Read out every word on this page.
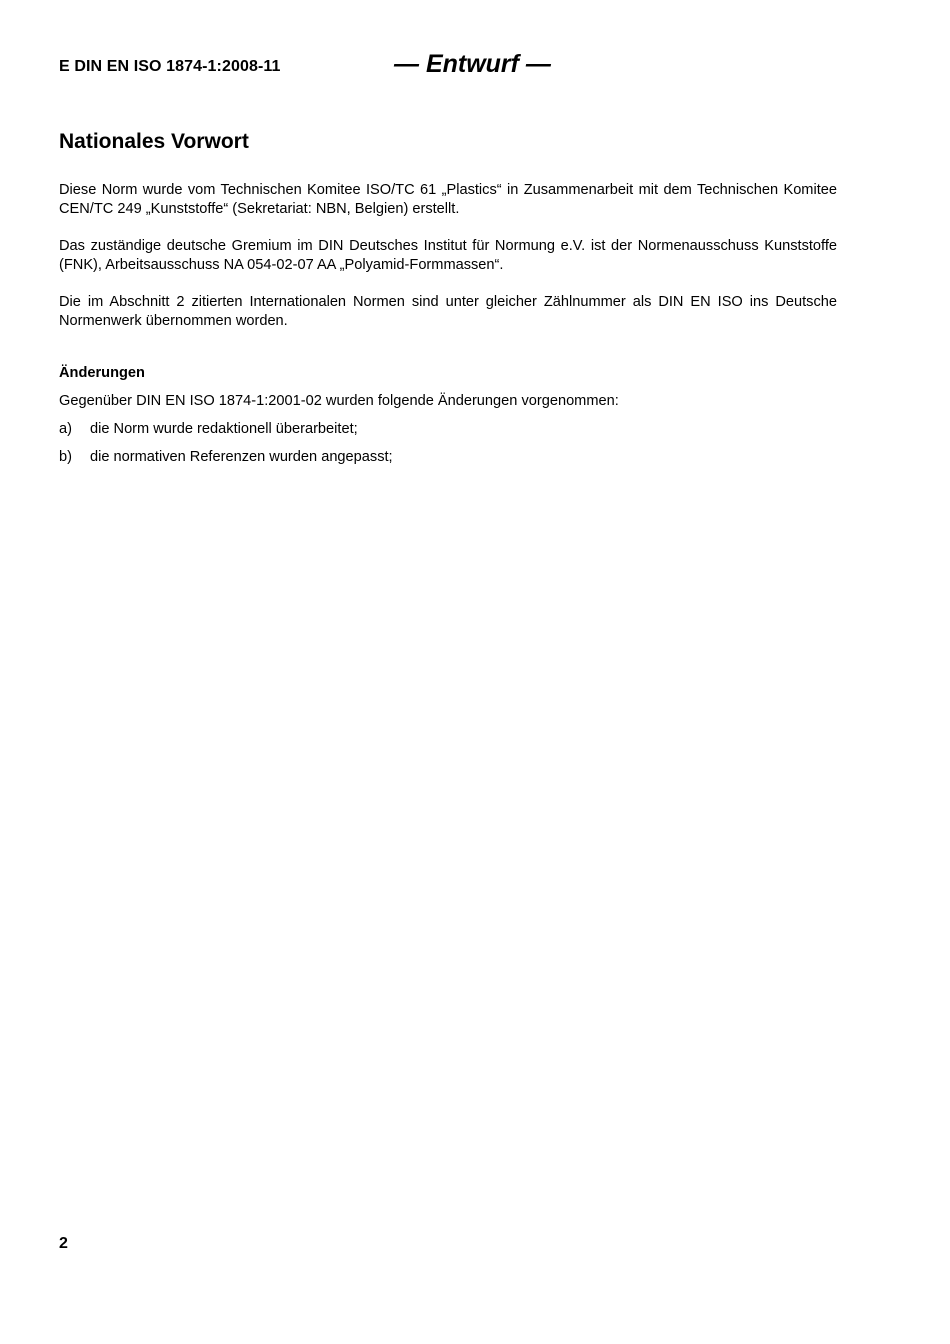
E DIN EN ISO 1874-1:2008-11	— Entwurf —
Nationales Vorwort

Diese Norm wurde vom Technischen Komitee ISO/TC 61 „Plastics“ in Zusammenarbeit mit dem Technischen Komitee CEN/TC 249 „Kunststoffe“ (Sekretariat: NBN, Belgien) erstellt.

Das zuständige deutsche Gremium im DIN Deutsches Institut für Normung e.V. ist der Normenausschuss Kunststoffe (FNK), Arbeitsausschuss NA 054-02-07 AA „Polyamid-Formmassen“.

Die im Abschnitt 2 zitierten Internationalen Normen sind unter gleicher Zählnummer als DIN EN ISO ins Deutsche Normenwerk übernommen worden.

Änderungen

Gegenüber DIN EN ISO 1874-1:2001-02 wurden folgende Änderungen vorgenommen:

a) die Norm wurde redaktionell überarbeitet;
b) die normativen Referenzen wurden angepasst;
2
